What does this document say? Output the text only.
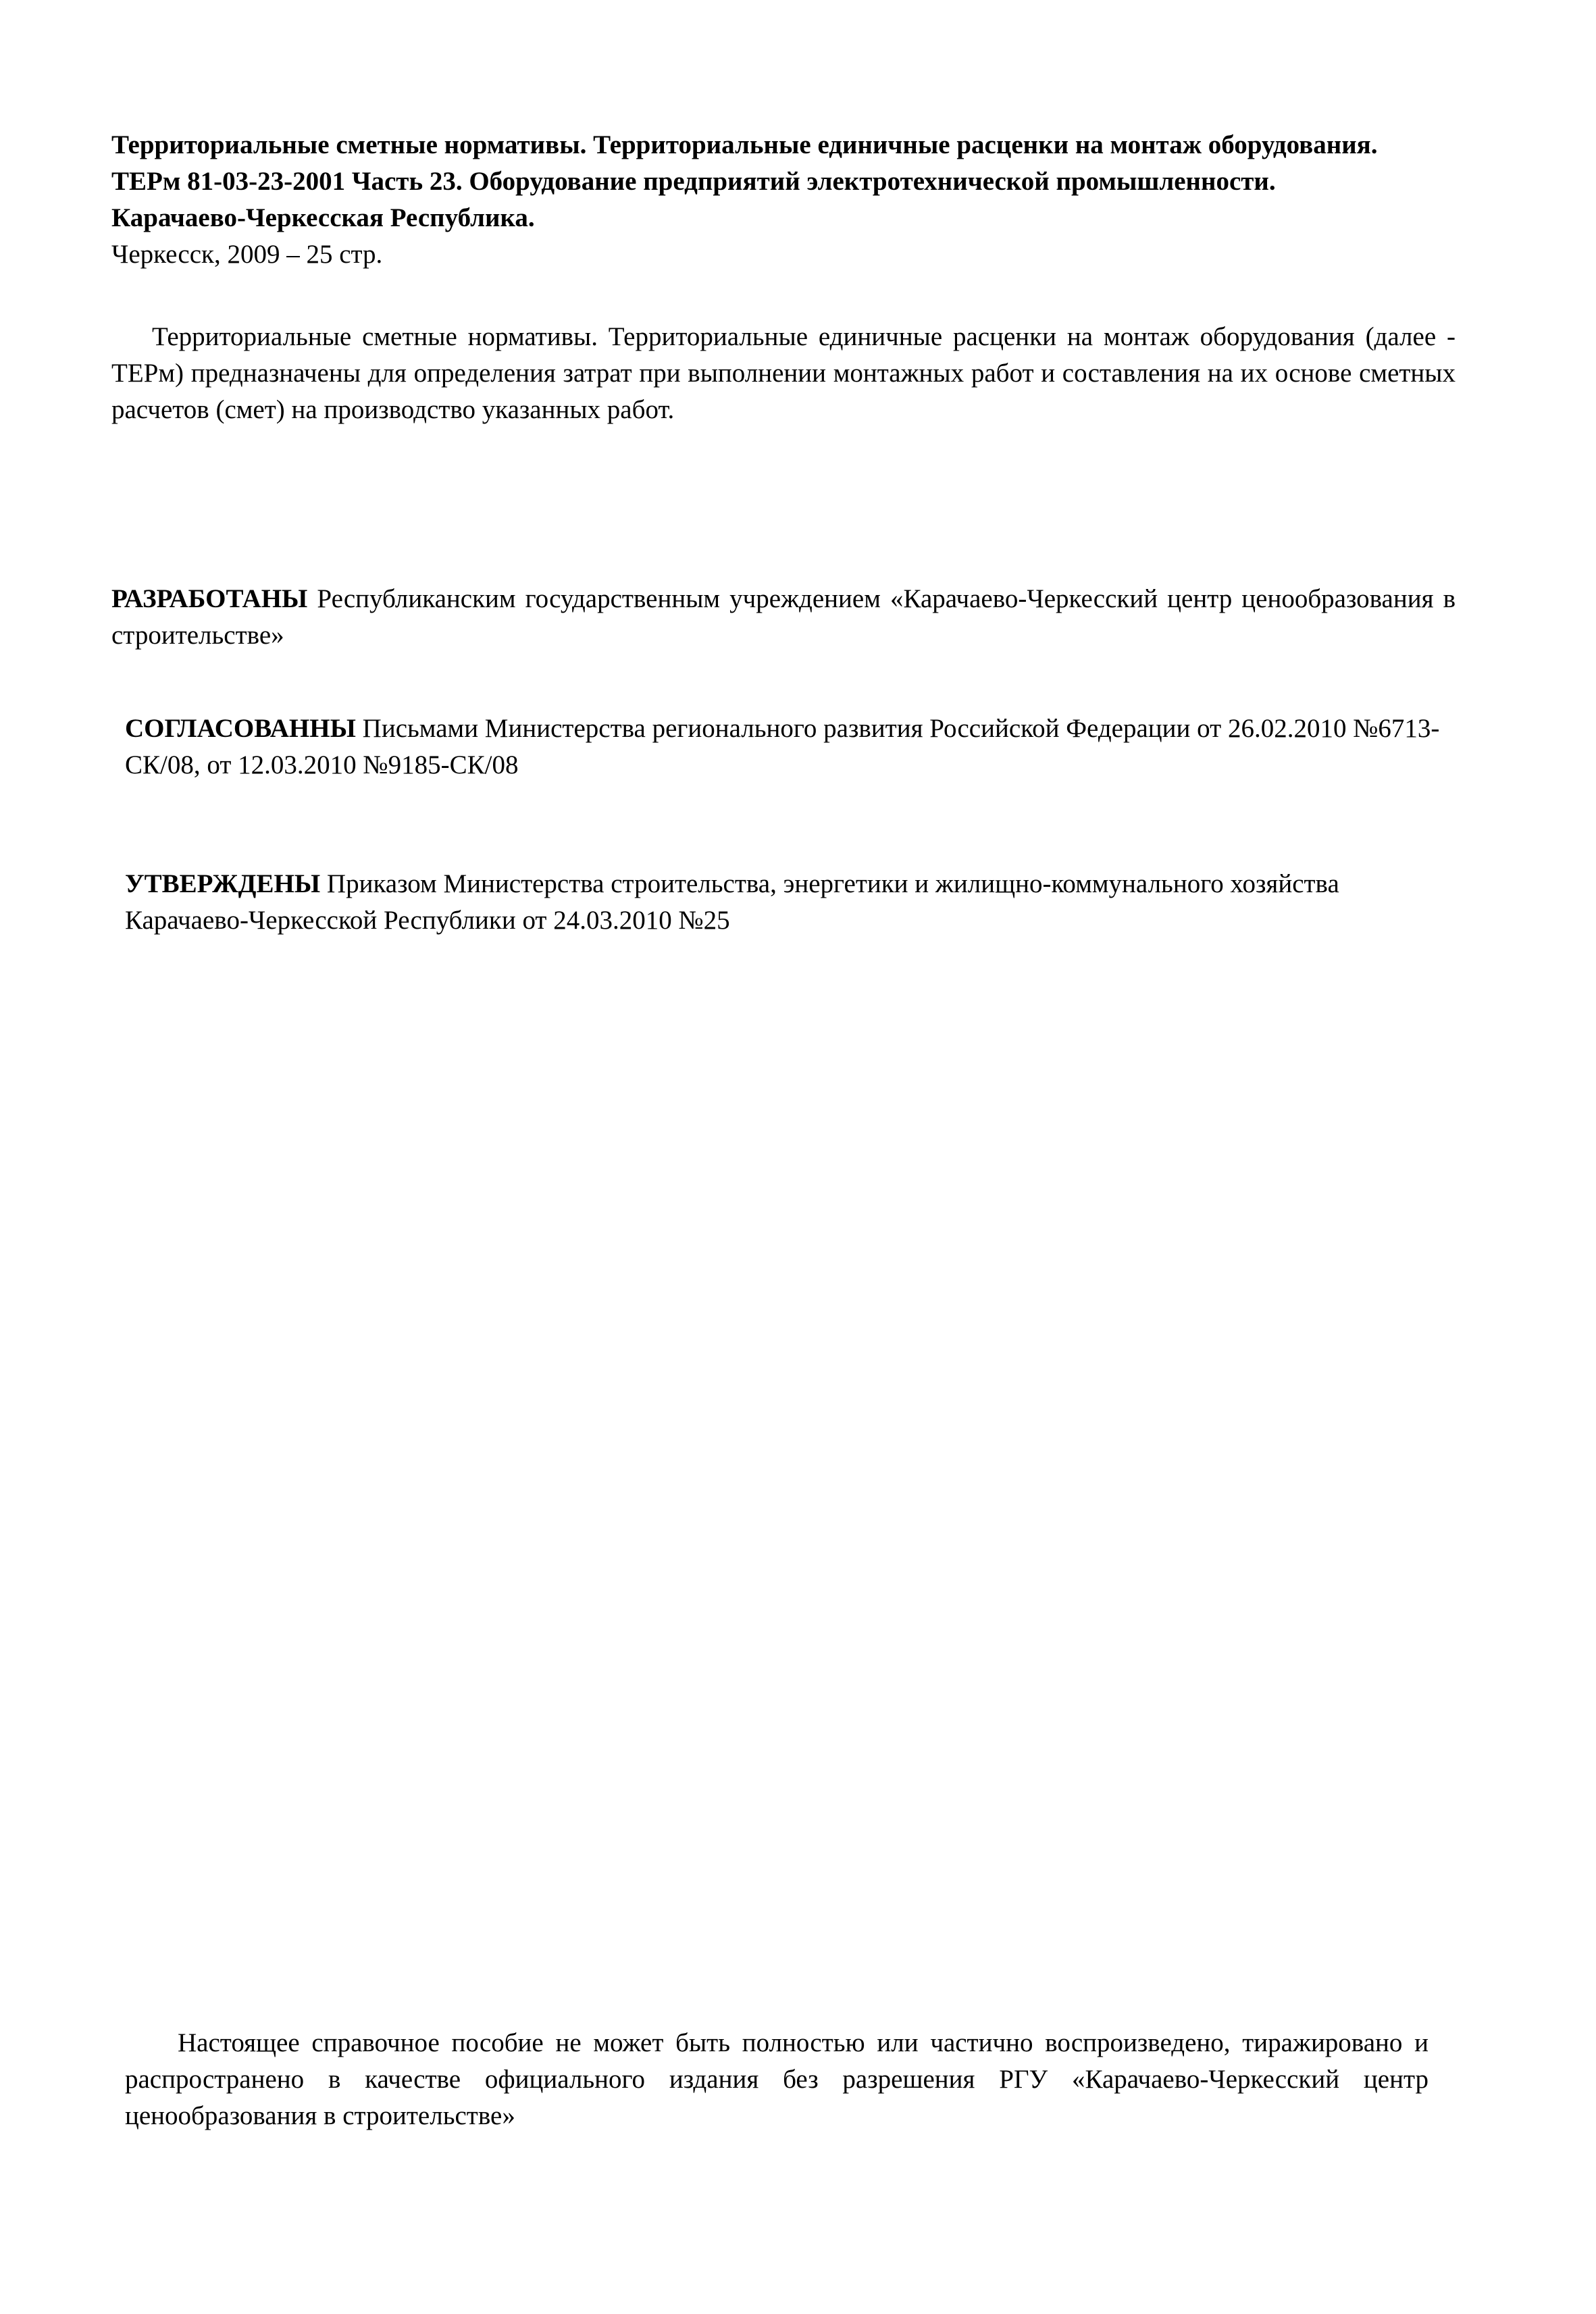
Территориальные сметные нормативы. Территориальные единичные расценки на монтаж оборудования.
ТЕРм 81-03-23-2001 Часть 23. Оборудование предприятий электротехнической промышленности.
Карачаево-Черкесская Республика.
Черкесск, 2009 – 25 стр.
Территориальные сметные нормативы. Территориальные единичные расценки на монтаж оборудования (далее - ТЕРм) предназначены для определения затрат при выполнении монтажных работ и составления на их основе сметных расчетов (смет) на производство указанных работ.
РАЗРАБОТАНЫ Республиканским государственным учреждением «Карачаево-Черкесский центр ценообразования в строительстве»
СОГЛАСОВАННЫ Письмами Министерства регионального развития Российской Федерации от 26.02.2010 №6713-СК/08, от 12.03.2010 №9185-СК/08
УТВЕРЖДЕНЫ Приказом Министерства строительства, энергетики и жилищно-коммунального хозяйства Карачаево-Черкесской Республики от 24.03.2010 №25
Настоящее справочное пособие не может быть полностью или частично воспроизведено, тиражировано и распространено в качестве официального издания без разрешения РГУ «Карачаево-Черкесский центр ценообразования в строительстве»
